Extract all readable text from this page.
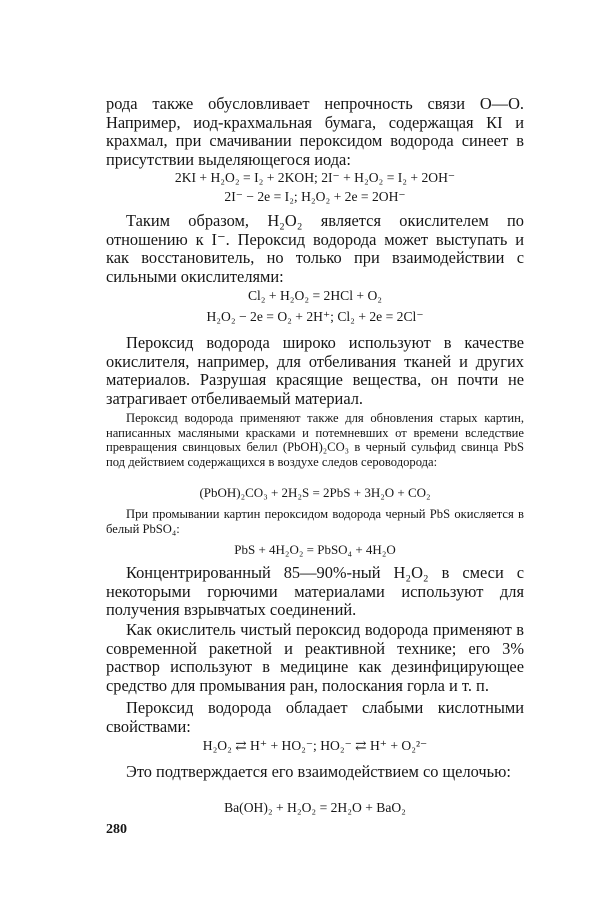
рода также обусловливает непрочность связи О—О. Например, иод-крахмальная бумага, содержащая КI и крахмал, при смачивании пероксидом водорода синеет в присутствии выделяющегося иода:

2KI + H₂O₂ = I₂ + 2KOH; 2I⁻ + H₂O₂ = I₂ + 2OH⁻
2I⁻ − 2e = I₂; H₂O₂ + 2e = 2OH⁻

Таким образом, H₂O₂ является окислителем по отношению к I⁻. Пероксид водорода может выступать и как восстановитель, но только при взаимодействии с сильными окислителями:

Cl₂ + H₂O₂ = 2HCl + O₂
H₂O₂ − 2e = O₂ + 2H⁺; Cl₂ + 2e = 2Cl⁻

Пероксид водорода широко используют в качестве окислителя, например, для отбеливания тканей и других материалов. Разрушая красящие вещества, он почти не затрагивает отбеливаемый материал.

Пероксид водорода применяют также для обновления старых картин, написанных масляными красками и потемневших от времени вследствие превращения свинцовых белил (PbOH)₂CO₃ в черный сульфид свинца PbS под действием содержащихся в воздухе следов сероводорода:

(PbOH)₂CO₃ + 2H₂S = 2PbS + 3H₂O + CO₂

При промывании картин пероксидом водорода черный PbS окисляется в белый PbSO₄:

PbS + 4H₂O₂ = PbSO₄ + 4H₂O

Концентрированный 85—90%-ный H₂O₂ в смеси с некоторыми горючими материалами используют для получения взрывчатых соединений.

Как окислитель чистый пероксид водорода применяют в современной ракетной и реактивной технике; его 3% раствор используют в медицине как дезинфицирующее средство для промывания ран, полоскания горла и т. п.

Пероксид водорода обладает слабыми кислотными свойствами:

H₂O₂ ⇄ H⁺ + HO₂⁻; HO₂⁻ ⇄ H⁺ + O₂²⁻

Это подтверждается его взаимодействием со щелочью:

Ba(OH)₂ + H₂O₂ = 2H₂O + BaO₂
280
